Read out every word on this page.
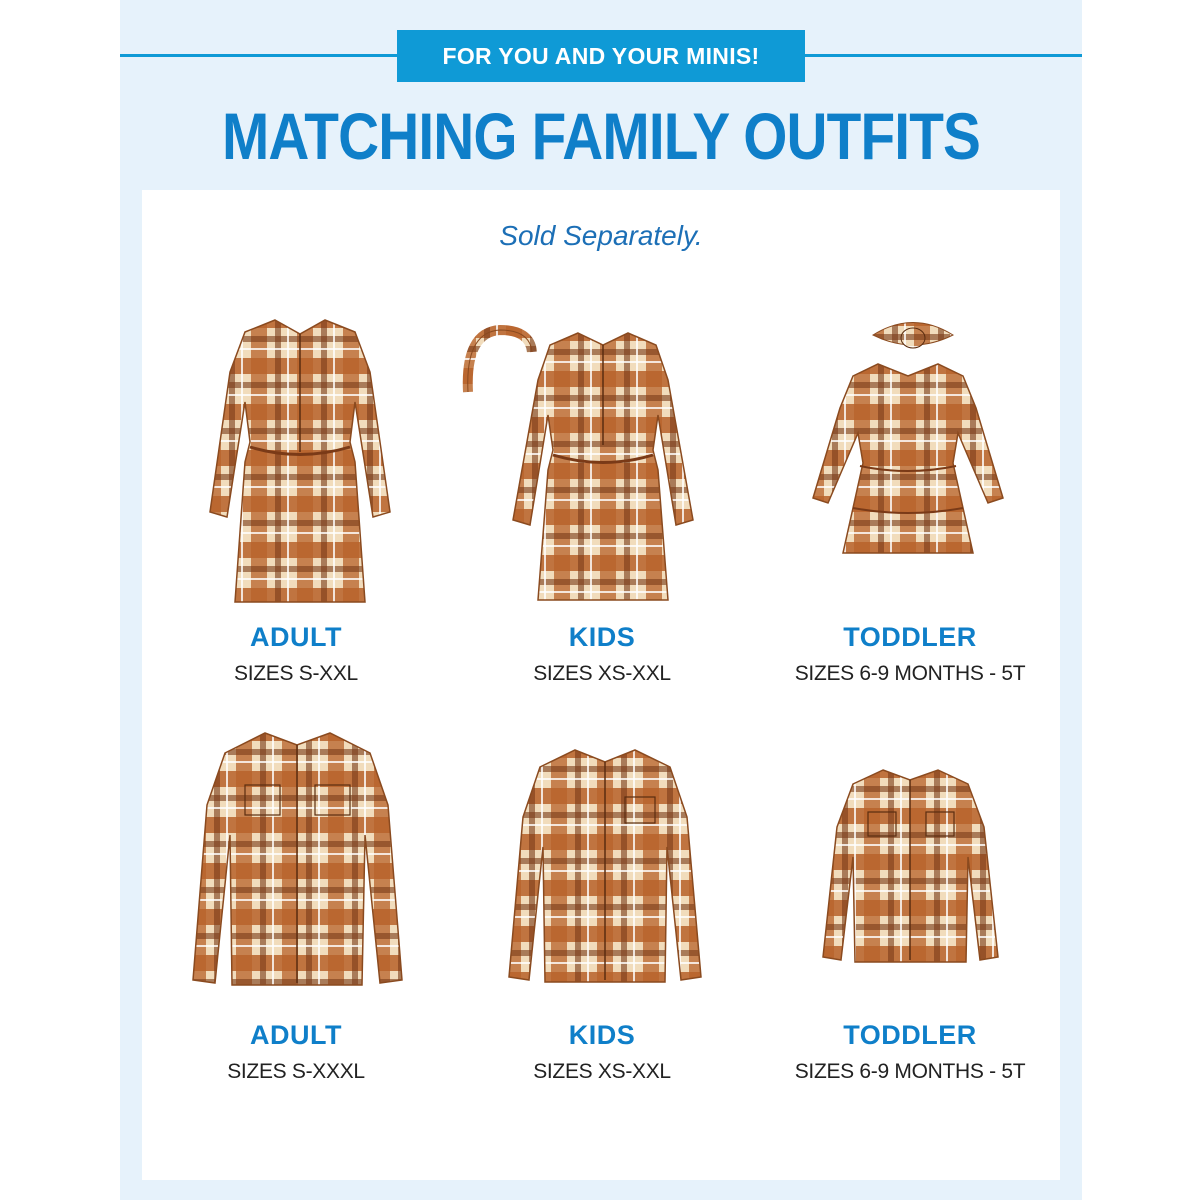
FOR YOU AND YOUR MINIS!
MATCHING FAMILY OUTFITS
Sold Separately.
ADULT
SIZES S-XXL
KIDS
SIZES XS-XXL
TODDLER
SIZES 6-9 MONTHS - 5T
ADULT
SIZES S-XXXL
KIDS
SIZES XS-XXL
TODDLER
SIZES 6-9 MONTHS - 5T
